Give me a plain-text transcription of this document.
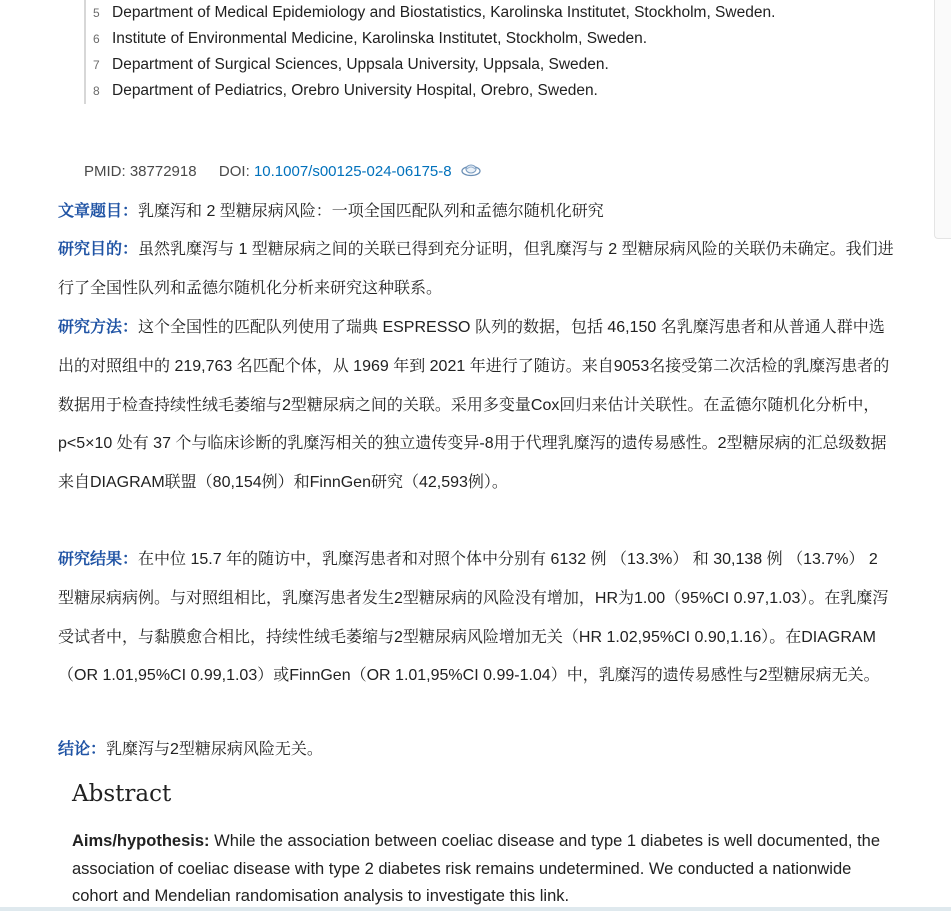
5 Department of Medical Epidemiology and Biostatistics, Karolinska Institutet, Stockholm, Sweden.
6 Institute of Environmental Medicine, Karolinska Institutet, Stockholm, Sweden.
7 Department of Surgical Sciences, Uppsala University, Uppsala, Sweden.
8 Department of Pediatrics, Orebro University Hospital, Orebro, Sweden.
PMID: 38772918 DOI: 10.1007/s00125-024-06175-8

文章题目：乳糜泻和 2 型糖尿病风险：一项全国匹配队列和孟德尔随机化研究

研究目的：虽然乳糜泻与 1 型糖尿病之间的关联已得到充分证明，但乳糜泻与 2 型糖尿病风险的关联仍未确定。我们进行了全国性队列和孟德尔随机化分析来研究这种联系。

研究方法：这个全国性的匹配队列使用了瑞典 ESPRESSO 队列的数据，包括 46,150 名乳糜泻患者和从普通人群中选出的对照组中的 219,763 名匹配个体，从 1969 年到 2021 年进行了随访。来自9053名接受第二次活检的乳糜泻患者的数据用于检查持续性绒毛萎缩与2型糖尿病之间的关联。采用多变量Cox回归来估计关联性。在孟德尔随机化分析中，p<5×10 处有 37 个与临床诊断的乳糜泻相关的独立遗传变异-8用于代理乳糜泻的遗传易感性。2型糖尿病的汇总级数据来自DIAGRAM联盟（80,154例）和FinnGen研究（42,593例）。

研究结果：在中位 15.7 年的随访中，乳糜泻患者和对照个体中分别有 6132 例 （13.3%） 和 30,138 例 （13.7%） 2 型糖尿病病例。与对照组相比，乳糜泻患者发生2型糖尿病的风险没有增加，HR为1.00（95%CI 0.97,1.03）。在乳糜泻受试者中，与黏膜愈合相比，持续性绒毛萎缩与2型糖尿病风险增加无关（HR 1.02,95%CI 0.90,1.16）。在DIAGRAM（OR 1.01,95%CI 0.99,1.03）或FinnGen（OR 1.01,95%CI 0.99-1.04）中，乳糜泻的遗传易感性与2型糖尿病无关。

结论：乳糜泻与2型糖尿病风险无关。

Abstract

Aims/hypothesis: While the association between coeliac disease and type 1 diabetes is well documented, the association of coeliac disease with type 2 diabetes risk remains undetermined. We conducted a nationwide cohort and Mendelian randomisation analysis to investigate this link.
